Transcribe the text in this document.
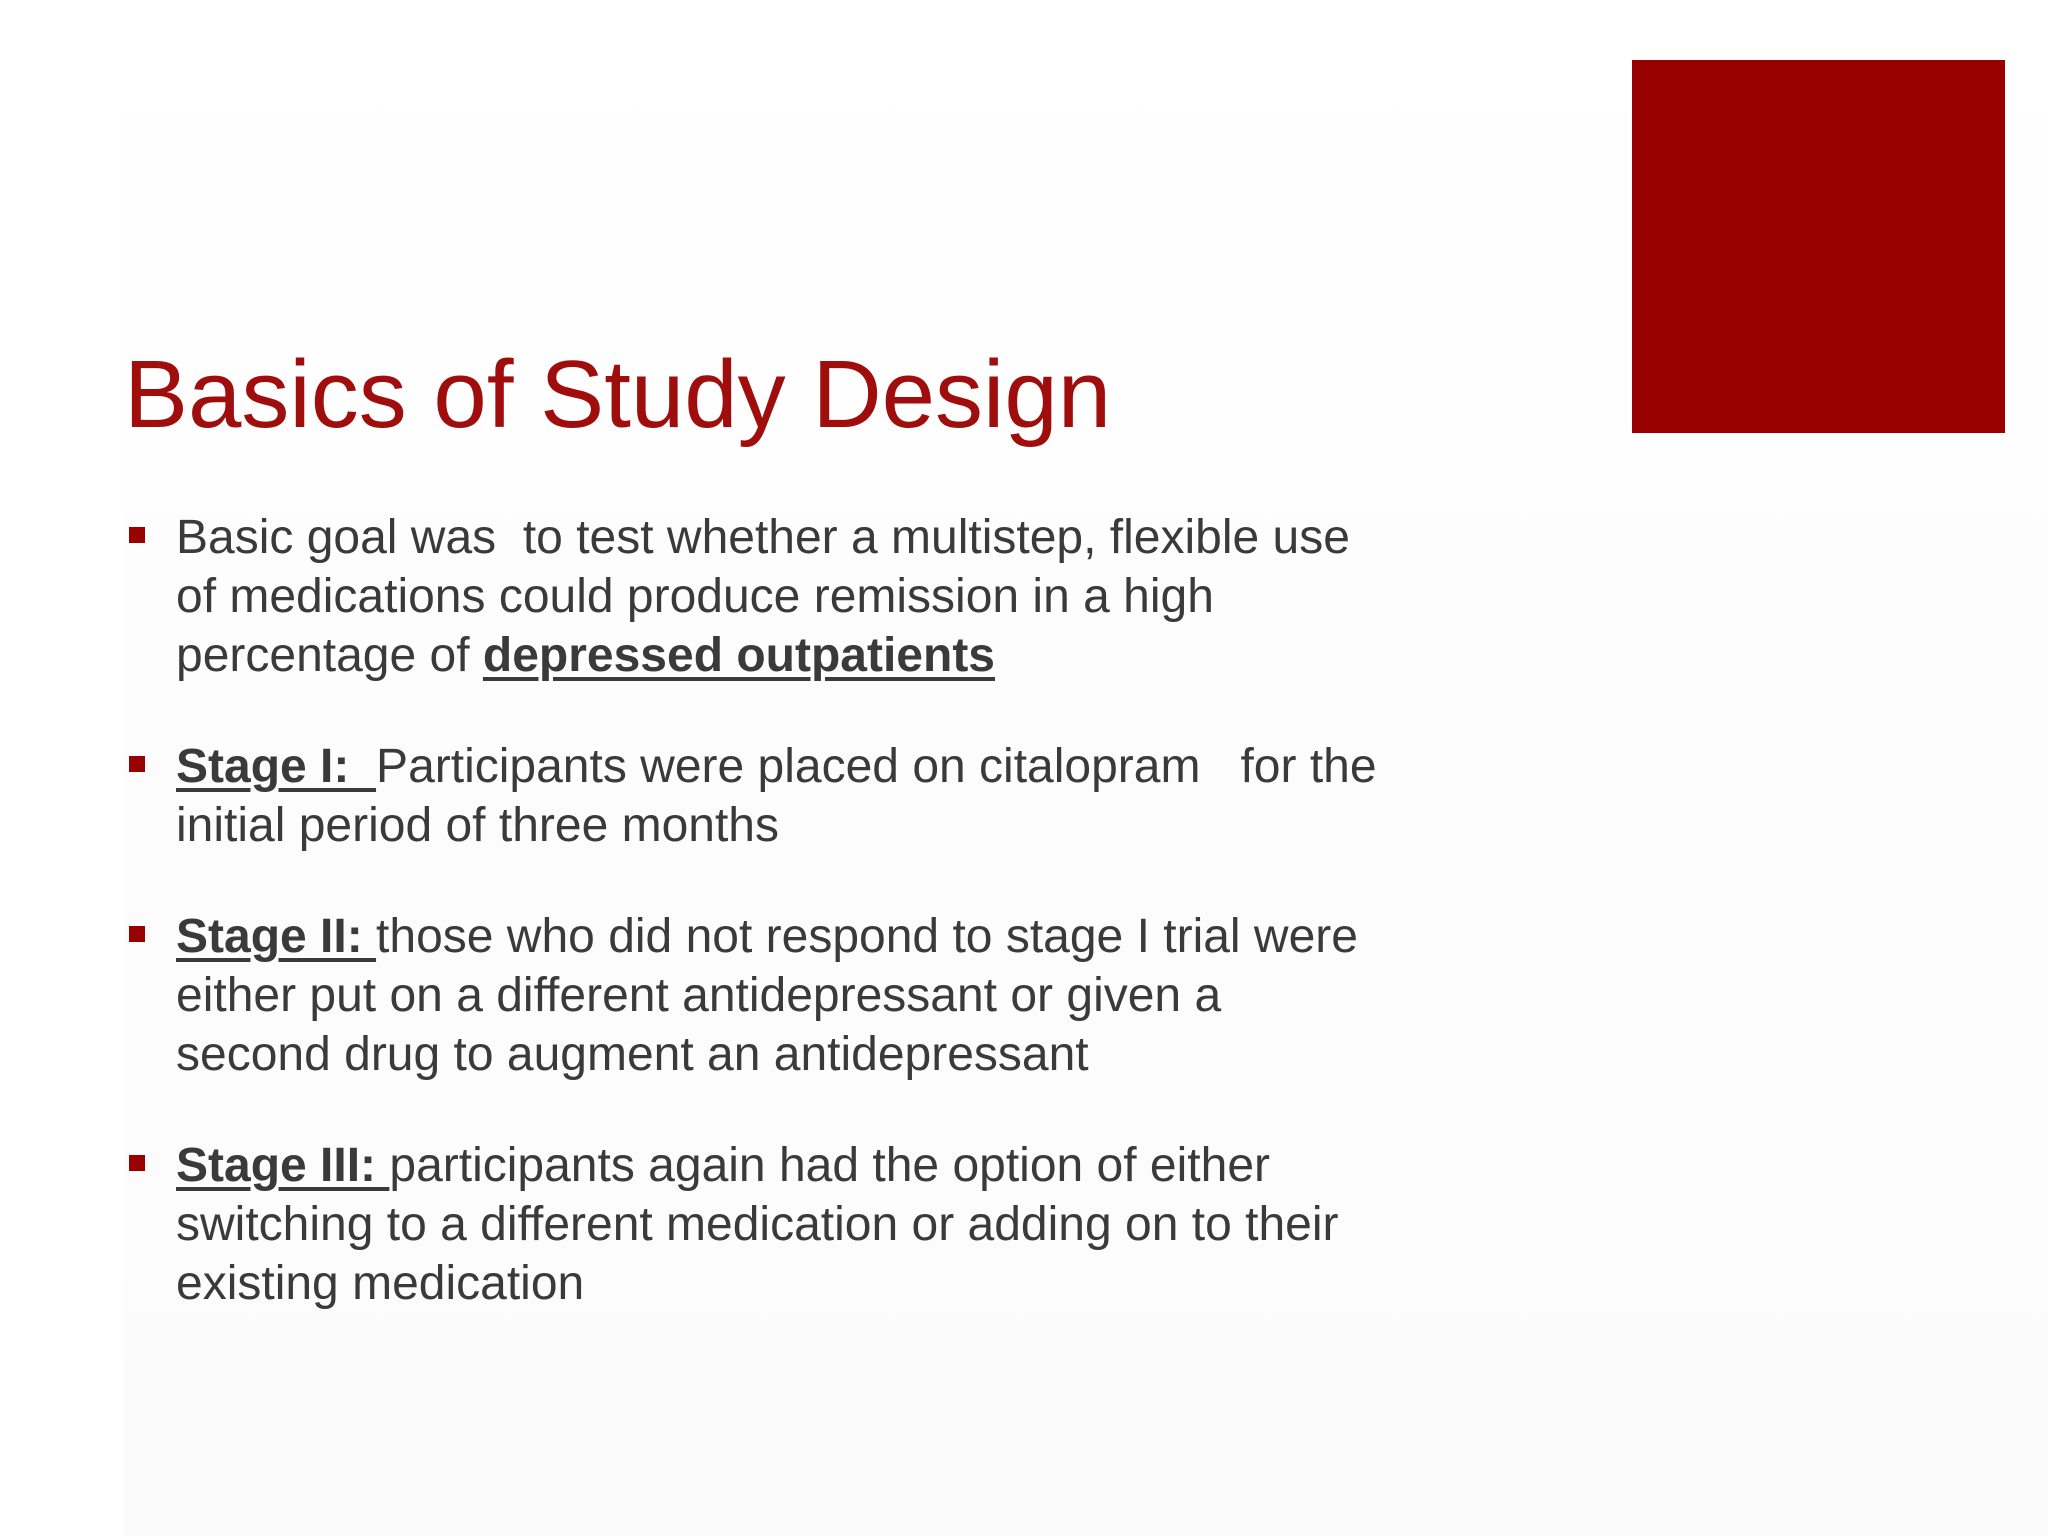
Basics of Study Design
Basic goal was  to test whether a multistep, flexible use
of medications could produce remission in a high
percentage of depressed outpatients
Stage I:  Participants were placed on citalopram   for the
initial period of three months
Stage II: those who did not respond to stage I trial were
either put on a different antidepressant or given a
second drug to augment an antidepressant
Stage III: participants again had the option of either
switching to a different medication or adding on to their
existing medication
